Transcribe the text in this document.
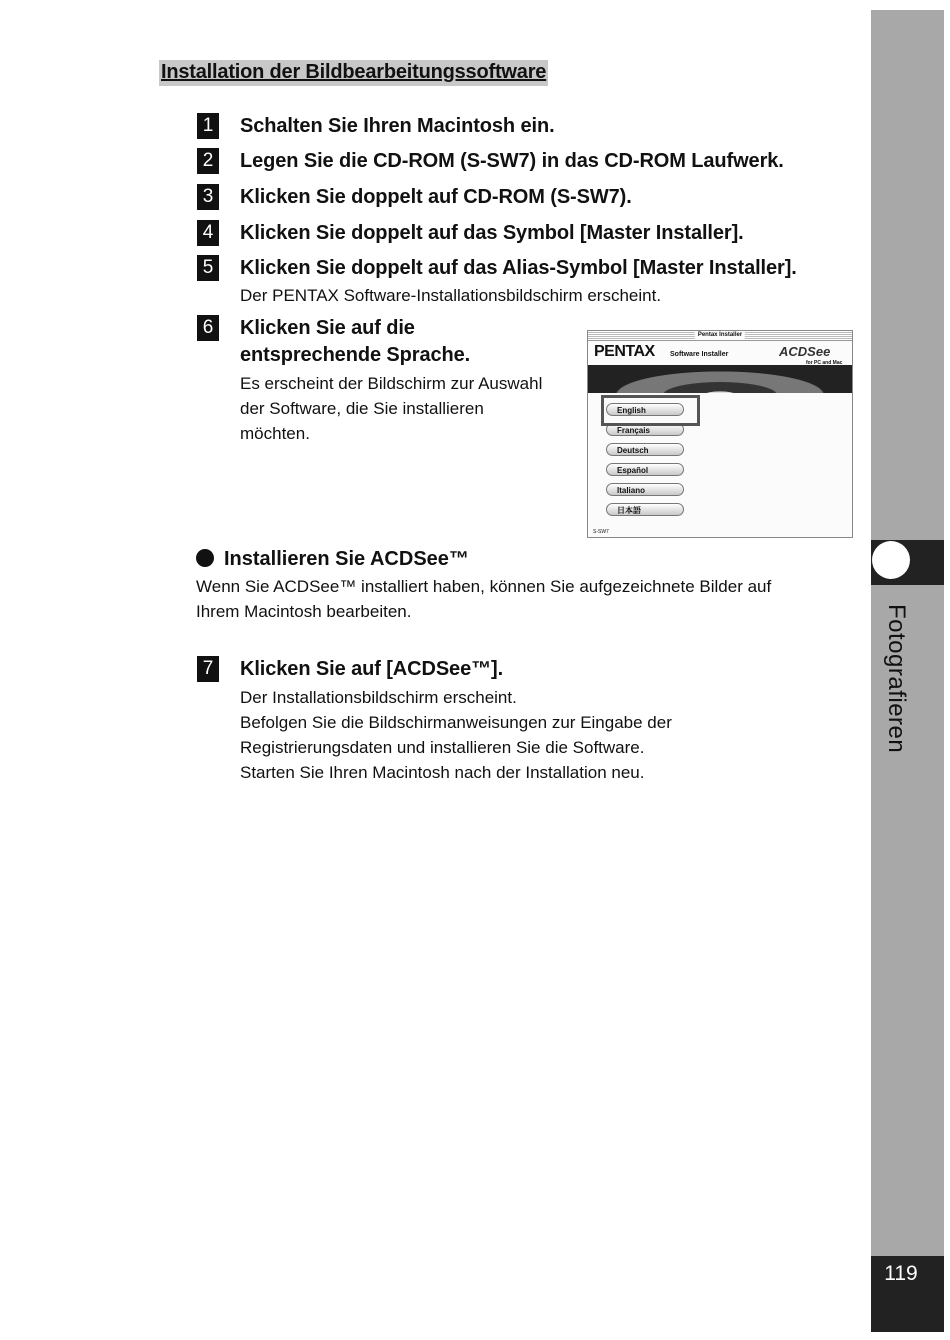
Fotografieren
119
Installation der Bildbearbeitungssoftware
1 Schalten Sie Ihren Macintosh ein.
2 Legen Sie die CD-ROM (S-SW7) in das CD-ROM Laufwerk.
3 Klicken Sie doppelt auf CD-ROM (S-SW7).
4 Klicken Sie doppelt auf das Symbol [Master Installer].
5 Klicken Sie doppelt auf das Alias-Symbol [Master Installer].
Der PENTAX Software-Installationsbildschirm erscheint.
6 Klicken Sie auf die
entsprechende Sprache.
Es erscheint der Bildschirm zur Auswahl
der Software, die Sie installieren
möchten.
Pentax Installer
PENTAX Software Installer	ACDSee
for PC and Mac
English
Français
Deutsch
Español
Italiano
日本語
S-SW7
Installieren Sie ACDSee™
Wenn Sie ACDSee™ installiert haben, können Sie aufgezeichnete Bilder auf
Ihrem Macintosh bearbeiten.
7 Klicken Sie auf [ACDSee™].
Der Installationsbildschirm erscheint.
Befolgen Sie die Bildschirmanweisungen zur Eingabe der
Registrierungsdaten und installieren Sie die Software.
Starten Sie Ihren Macintosh nach der Installation neu.
